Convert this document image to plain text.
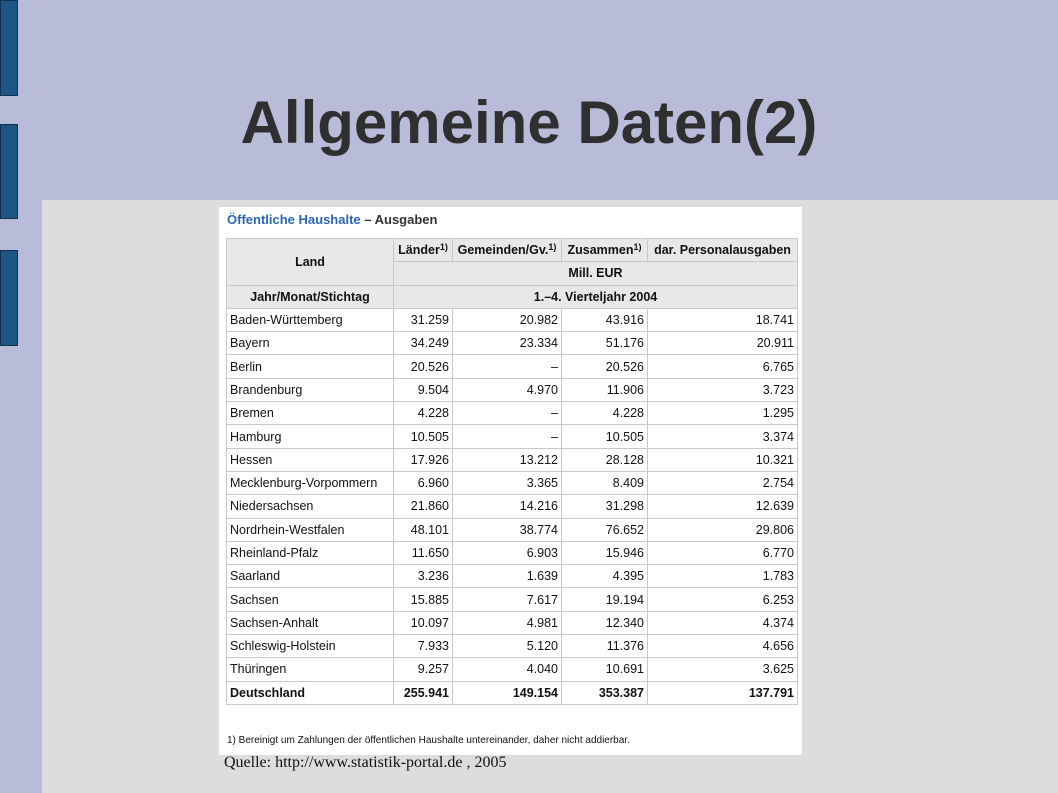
Allgemeine Daten(2)
Öffentliche Haushalte – Ausgaben
Land	Länder$^{1)}$	Gemeinden/Gv.$^{1)}$	Zusammen$^{1)}$	dar. Personalausgaben
	Mill. EUR			
Jahr/Monat/Stichtag	1.–4. Vierteljahr 2004			
Baden-Württemberg	31.259	20.982	43.916	18.741
Bayern	34.249	23.334	51.176	20.911
Berlin	20.526	–	20.526	6.765
Brandenburg	9.504	4.970	11.906	3.723
Bremen	4.228	–	4.228	1.295
Hamburg	10.505	–	10.505	3.374
Hessen	17.926	13.212	28.128	10.321
Mecklenburg-Vorpommern	6.960	3.365	8.409	2.754
Niedersachsen	21.860	14.216	31.298	12.639
Nordrhein-Westfalen	48.101	38.774	76.652	29.806
Rheinland-Pfalz	11.650	6.903	15.946	6.770
Saarland	3.236	1.639	4.395	1.783
Sachsen	15.885	7.617	19.194	6.253
Sachsen-Anhalt	10.097	4.981	12.340	4.374
Schleswig-Holstein	7.933	5.120	11.376	4.656
Thüringen	9.257	4.040	10.691	3.625
Deutschland	255.941	149.154	353.387	137.791
1) Bereinigt um Zahlungen der öffentlichen Haushalte untereinander, daher nicht addierbar.
Quelle: http://www.statistik-portal.de , 2005
